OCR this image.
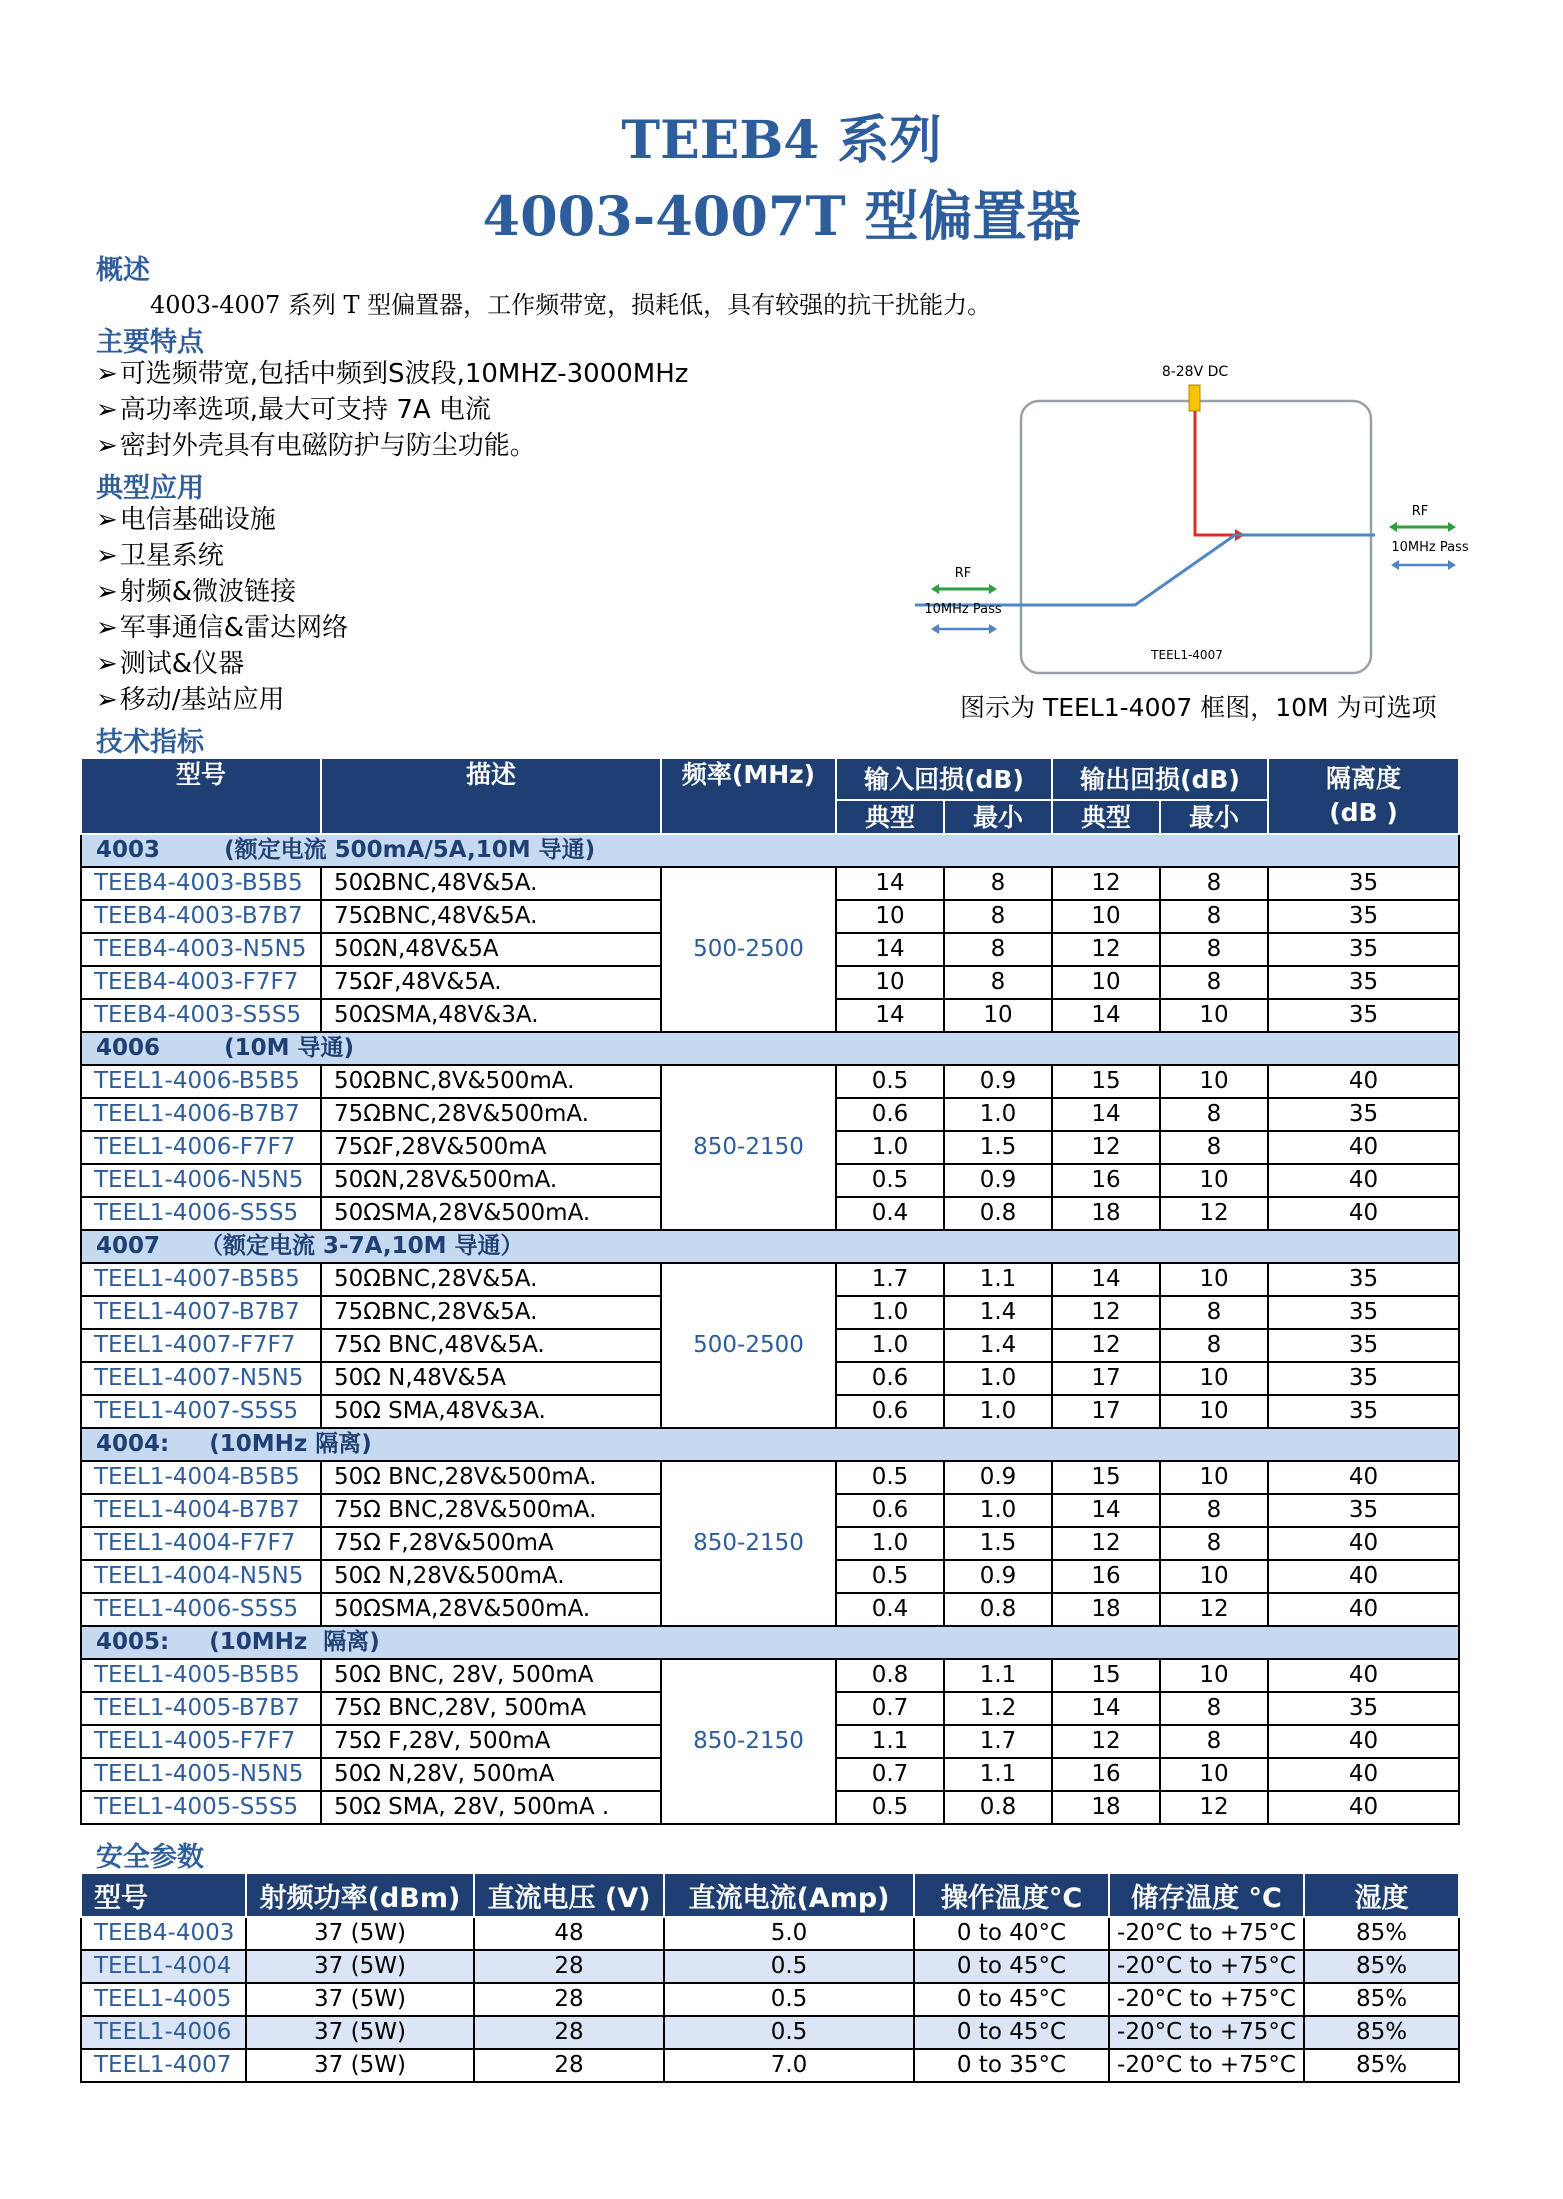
TEEB4 系列
4003-4007T 型偏置器
概述
4003-4007 系列 T 型偏置器，工作频带宽，损耗低，具有较强的抗干扰能力。
主要特点
➢ 可选频带宽,包括中频到S波段,10MHZ-3000MHz
➢ 高功率选项,最大可支持 7A 电流
➢ 密封外壳具有电磁防护与防尘功能。
典型应用
➢ 电信基础设施
➢ 卫星系统
➢ 射频&微波链接
➢ 军事通信&雷达网络
➢ 测试&仪器
➢ 移动/基站应用
8-28V DC
RF
10MHz Pass
RF
10MHz Pass
TEEL1-4007
图示为 TEEL1-4007 框图，10M 为可选项
技术指标
型号	描述	频率(MHz)	输入回损(dB)		输出回损(dB)		隔离度
(dB )

			典型	最小	典型	最小	
4003        (额定电流 500mA/5A,10M 导通)							
TEEB4-4003-B5B5	50ΩBNC,48V&5A.	500-2500	14	8	12	8	35
TEEB4-4003-B7B7	75ΩBNC,48V&5A.		10	8	10	8	35
TEEB4-4003-N5N5	50ΩN,48V&5A		14	8	12	8	35
TEEB4-4003-F7F7	75ΩF,48V&5A.		10	8	10	8	35
TEEB4-4003-S5S5	50ΩSMA,48V&3A.		14	10	14	10	35
4006        (10M 导通)							
TEEL1-4006-B5B5	50ΩBNC,8V&500mA.	850-2150	0.5	0.9	15	10	40
TEEL1-4006-B7B7	75ΩBNC,28V&500mA.		0.6	1.0	14	8	35
TEEL1-4006-F7F7	75ΩF,28V&500mA		1.0	1.5	12	8	40
TEEL1-4006-N5N5	50ΩN,28V&500mA.		0.5	0.9	16	10	40
TEEL1-4006-S5S5	50ΩSMA,28V&500mA.		0.4	0.8	18	12	40
4007     （额定电流 3-7A,10M 导通）							
TEEL1-4007-B5B5	50ΩBNC,28V&5A.	500-2500	1.7	1.1	14	10	35
TEEL1-4007-B7B7	75ΩBNC,28V&5A.		1.0	1.4	12	8	35
TEEL1-4007-F7F7	75Ω BNC,48V&5A.		1.0	1.4	12	8	35
TEEL1-4007-N5N5	50Ω N,48V&5A		0.6	1.0	17	10	35
TEEL1-4007-S5S5	50Ω SMA,48V&3A.		0.6	1.0	17	10	35
4004:     (10MHz 隔离)							
TEEL1-4004-B5B5	50Ω BNC,28V&500mA.	850-2150	0.5	0.9	15	10	40
TEEL1-4004-B7B7	75Ω BNC,28V&500mA.		0.6	1.0	14	8	35
TEEL1-4004-F7F7	75Ω F,28V&500mA		1.0	1.5	12	8	40
TEEL1-4004-N5N5	50Ω N,28V&500mA.		0.5	0.9	16	10	40
TEEL1-4006-S5S5	50ΩSMA,28V&500mA.		0.4	0.8	18	12	40
4005:     (10MHz  隔离)							
TEEL1-4005-B5B5	50Ω BNC, 28V, 500mA	850-2150	0.8	1.1	15	10	40
TEEL1-4005-B7B7	75Ω BNC,28V, 500mA		0.7	1.2	14	8	35
TEEL1-4005-F7F7	75Ω F,28V, 500mA		1.1	1.7	12	8	40
TEEL1-4005-N5N5	50Ω N,28V, 500mA		0.7	1.1	16	10	40
TEEL1-4005-S5S5	50Ω SMA, 28V, 500mA .		0.5	0.8	18	12	40
安全参数
型号	射频功率(dBm)	直流电压 (V)	直流电流(Amp)	操作温度°C	储存温度 °C	湿度
TEEB4-4003	37 (5W)	48	5.0	0 to 40°C	-20°C to +75°C	85%
TEEL1-4004	37 (5W)	28	0.5	0 to 45°C	-20°C to +75°C	85%
TEEL1-4005	37 (5W)	28	0.5	0 to 45°C	-20°C to +75°C	85%
TEEL1-4006	37 (5W)	28	0.5	0 to 45°C	-20°C to +75°C	85%
TEEL1-4007	37 (5W)	28	7.0	0 to 35°C	-20°C to +75°C	85%
